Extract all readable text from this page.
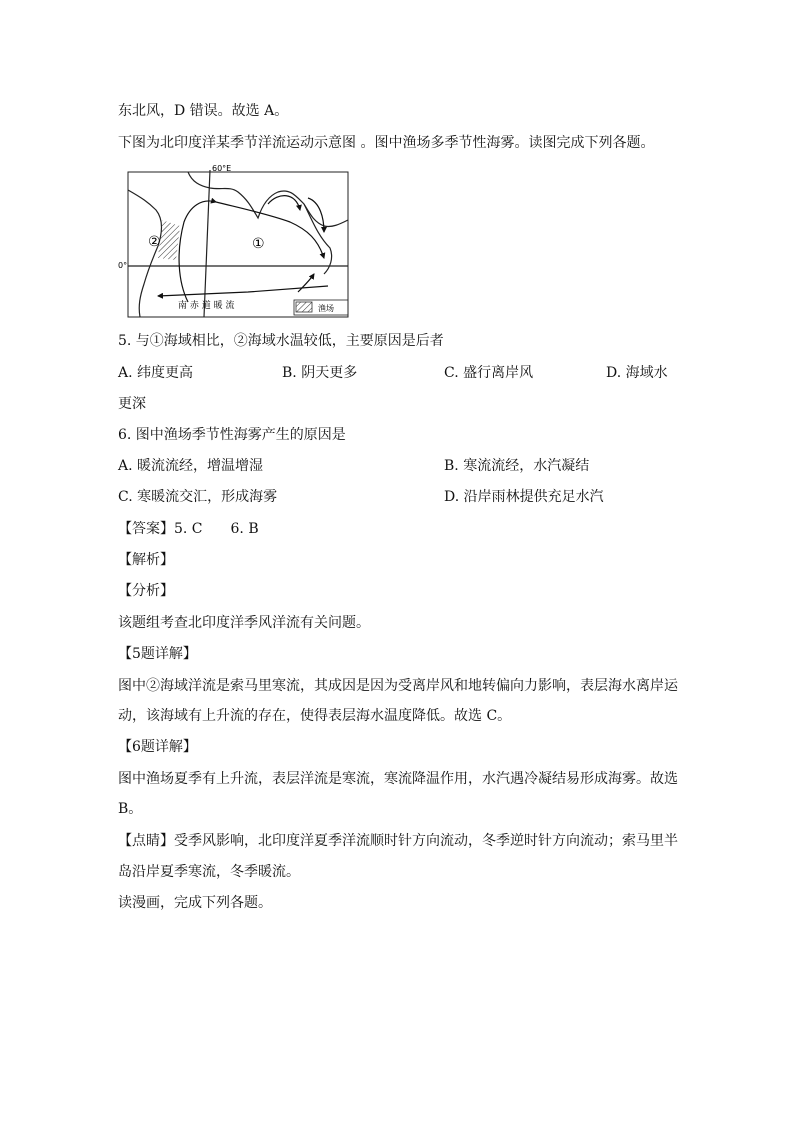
东北风，D 错误。故选 A。
下图为北印度洋某季节洋流运动示意图 。图中渔场多季节性海雾。读图完成下列各题。
60°E
0°
①
②
南 赤 道 暖 流	渔场
5. 与①海域相比，②海域水温较低，主要原因是后者
A. 纬度更高	B. 阴天更多	C. 盛行离岸风	D. 海域水
更深
6. 图中渔场季节性海雾产生的原因是
A. 暖流流经，增温增湿	B. 寒流流经，水汽凝结
C. 寒暖流交汇，形成海雾	D. 沿岸雨林提供充足水汽
【答案】5. C　　6. B
【解析】
【分析】
该题组考查北印度洋季风洋流有关问题。
【5题详解】
图中②海域洋流是索马里寒流，其成因是因为受离岸风和地转偏向力影响，表层海水离岸运
动，该海域有上升流的存在，使得表层海水温度降低。故选 C。
【6题详解】
图中渔场夏季有上升流，表层洋流是寒流，寒流降温作用，水汽遇冷凝结易形成海雾。故选
B。
【点睛】受季风影响，北印度洋夏季洋流顺时针方向流动，冬季逆时针方向流动；索马里半
岛沿岸夏季寒流，冬季暖流。
读漫画，完成下列各题。
